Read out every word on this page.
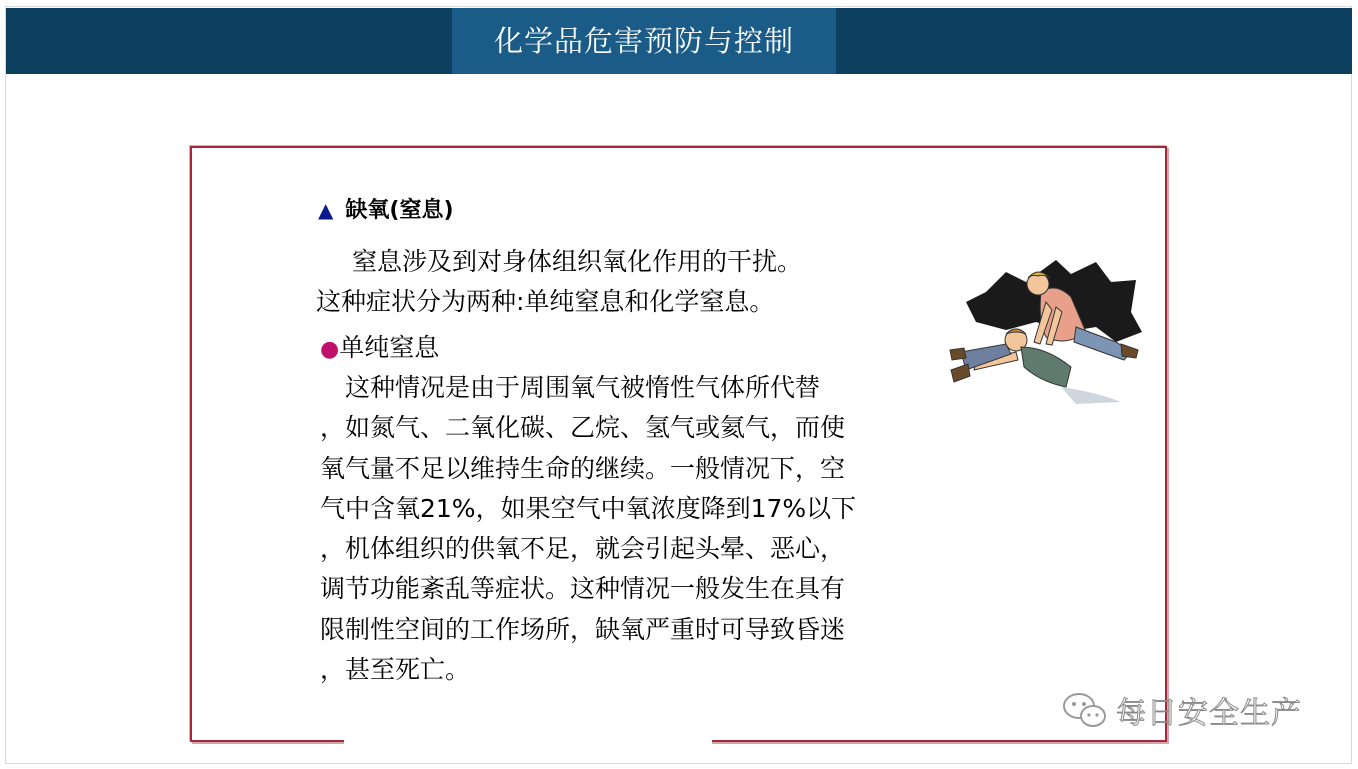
化学品危害预防与控制
▲ 缺氧(窒息)
窒息涉及到对身体组织氧化作用的干扰。
这种症状分为两种:单纯窒息和化学窒息。
●单纯窒息
　这种情况是由于周围氧气被惰性气体所代替
，如氮气、二氧化碳、乙烷、氢气或氦气，而使
氧气量不足以维持生命的继续。一般情况下，空
气中含氧21%，如果空气中氧浓度降到17%以下
，机体组织的供氧不足，就会引起头晕、恶心，
调节功能紊乱等症状。这种情况一般发生在具有
限制性空间的工作场所，缺氧严重时可导致昏迷
，甚至死亡。
每日安全生产
